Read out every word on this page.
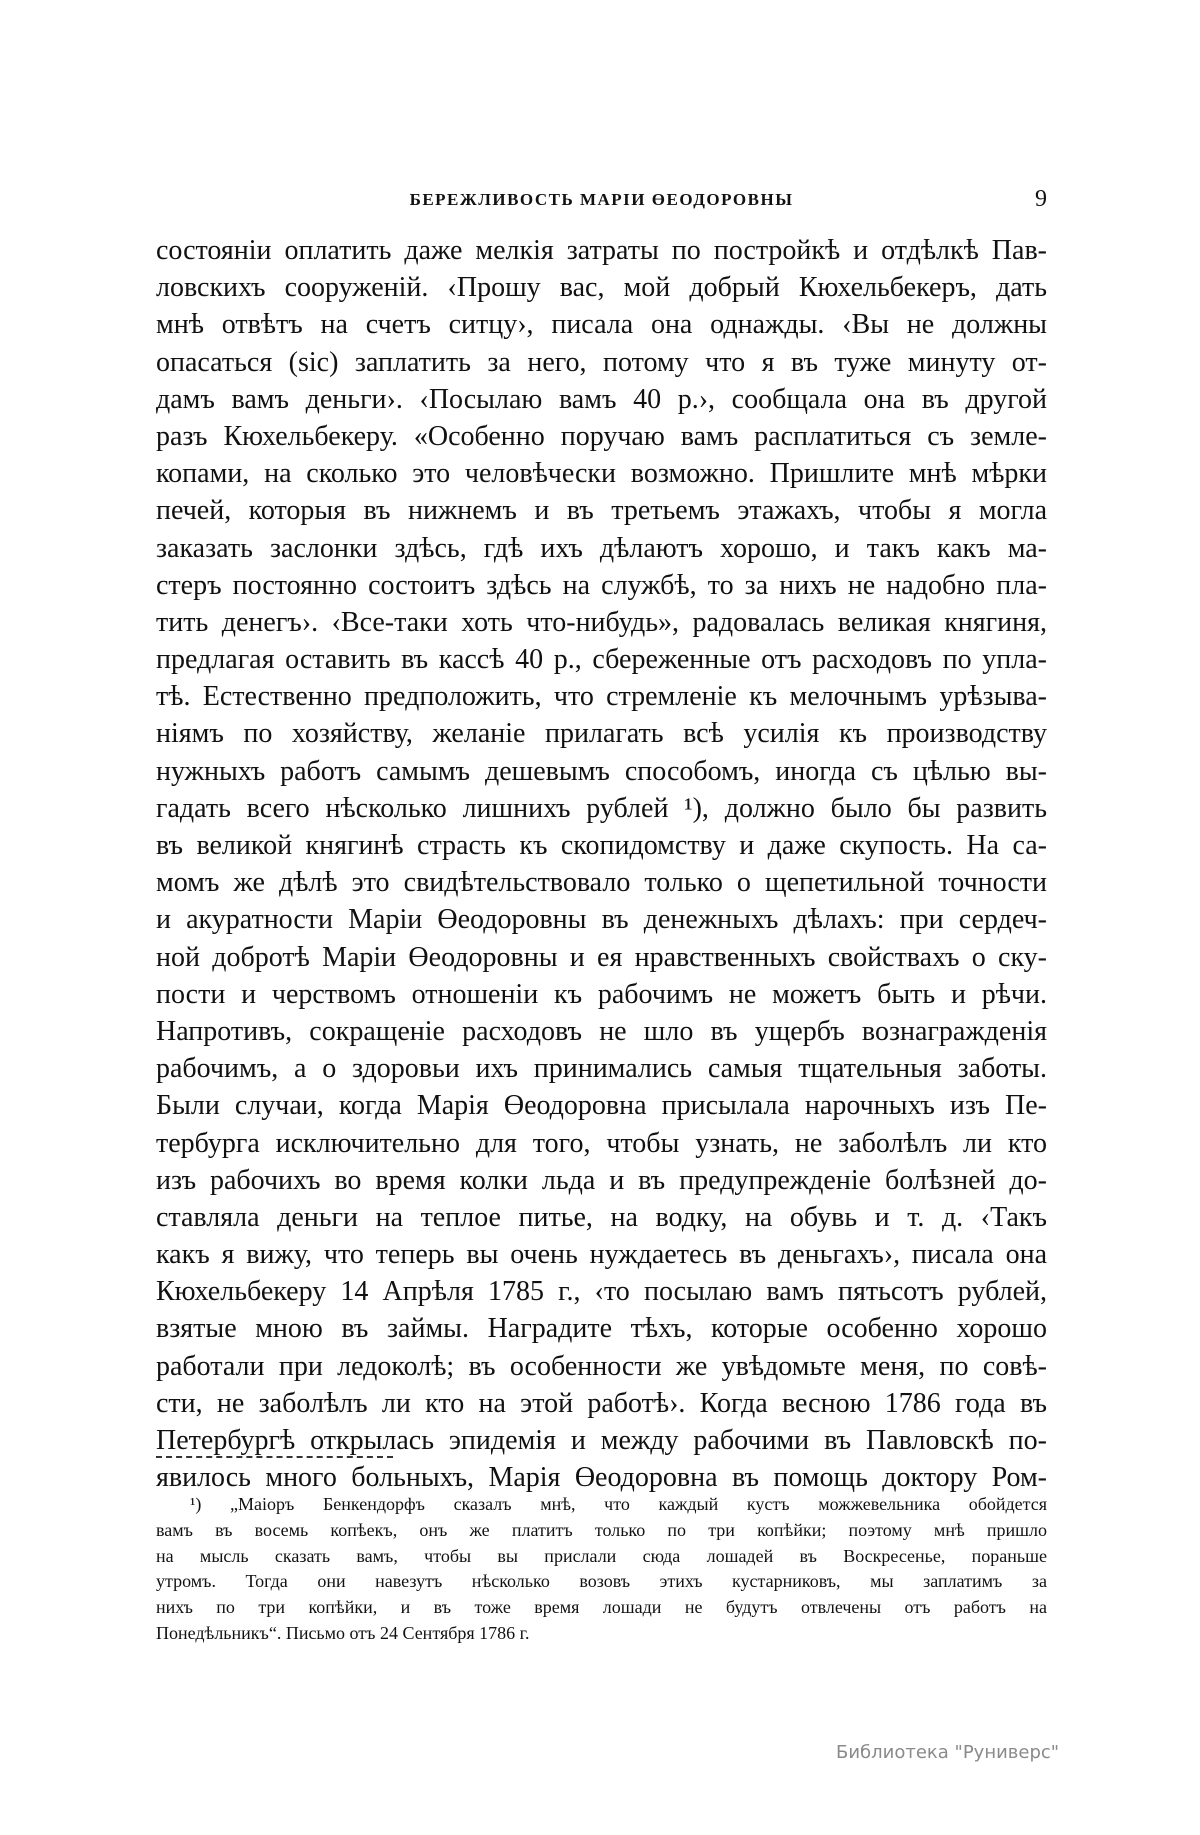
БЕРЕЖЛИВОСТЬ МАРІИ ӨЕОДОРОВНЫ	9
состоянiи оплатить даже мелкiя затраты по постройкѣ и отдѣлкѣ Пав-
ловскихъ сооруженiй. ‹Прошу вас, мой добрый Кюхельбекеръ, дать
мнѣ отвѣтъ на счетъ ситцу›, писала она однажды. ‹Вы не должны
опасаться (sic) заплатить за него, потому что я въ туже минуту от-
дамъ вамъ деньги›. ‹Посылаю вамъ 40 р.›, сообщала она въ другой
разъ Кюхельбекеру. «Особенно поручаю вамъ расплатиться съ земле-
копами, на сколько это человѣчески возможно. Пришлите мнѣ мѣрки
печей, которыя въ нижнемъ и въ третьемъ этажахъ, чтобы я могла
заказать заслонки здѣсь, гдѣ ихъ дѣлаютъ хорошо, и такъ какъ ма-
стеръ постоянно состоитъ здѣсь на службѣ, то за нихъ не надобно пла-
тить денегъ›. ‹Все-таки хоть что-нибудь», радовалась великая княгиня,
предлагая оставить въ кассѣ 40 р., сбереженные отъ расходовъ по упла-
тѣ. Естественно предположить, что стремленiе къ мелочнымъ урѣзыва-
нiямъ по хозяйству, желанiе прилагать всѣ усилiя къ производству
нужныхъ работъ самымъ дешевымъ способомъ, иногда съ цѣлью вы-
гадать всего нѣсколько лишнихъ рублей ¹), должно было бы развить
въ великой княгинѣ страсть къ скопидомству и даже скупость. На са-
момъ же дѣлѣ это свидѣтельствовало только о щепетильной точности
и акуратности Марiи Өеодоровны въ денежныхъ дѣлахъ: при сердеч-
ной добротѣ Марiи Өеодоровны и ея нравственныхъ свойствахъ о ску-
пости и черствомъ отношенiи къ рабочимъ не можетъ быть и рѣчи.
Напротивъ, сокращенiе расходовъ не шло въ ущербъ вознагражденiя
рабочимъ, а о здоровьи ихъ принимались самыя тщательныя заботы.
Были случаи, когда Марiя Өеодоровна присылала нарочныхъ изъ Пе-
тербурга исключительно для того, чтобы узнать, не заболѣлъ ли кто
изъ рабочихъ во время колки льда и въ предупрежденiе болѣзней до-
ставляла деньги на теплое питье, на водку, на обувь и т. д. ‹Такъ
какъ я вижу, что теперь вы очень нуждаетесь въ деньгахъ›, писала она
Кюхельбекеру 14 Апрѣля 1785 г., ‹то посылаю вамъ пятьсотъ рублей,
взятые мною въ займы. Наградите тѣхъ, которые особенно хорошо
работали при ледоколѣ; въ особенности же увѣдомьте меня, по совѣ-
сти, не заболѣлъ ли кто на этой работѣ›. Когда весною 1786 года въ
Петербургѣ открылась эпидемiя и между рабочими въ Павловскѣ по-
явилось много больныхъ, Марiя Өеодоровна въ помощь доктору Ром-
¹) „Маiоръ Бенкендорфъ сказалъ мнѣ, что каждый кустъ можжевельника обойдется
вамъ въ восемь копѣекъ, онъ же платитъ только по три копѣйки; поэтому мнѣ пришло
на мысль сказать вамъ, чтобы вы прислали сюда лошадей въ Воскресенье, пораньше
утромъ. Тогда они навезутъ нѣсколько возовъ этихъ кустарниковъ, мы заплатимъ за
нихъ по три копѣйки, и въ тоже время лошади не будутъ отвлечены отъ работъ на
Понедѣльникъ“. Письмо отъ 24 Сентября 1786 г.
Библиотека "Руниверс"
